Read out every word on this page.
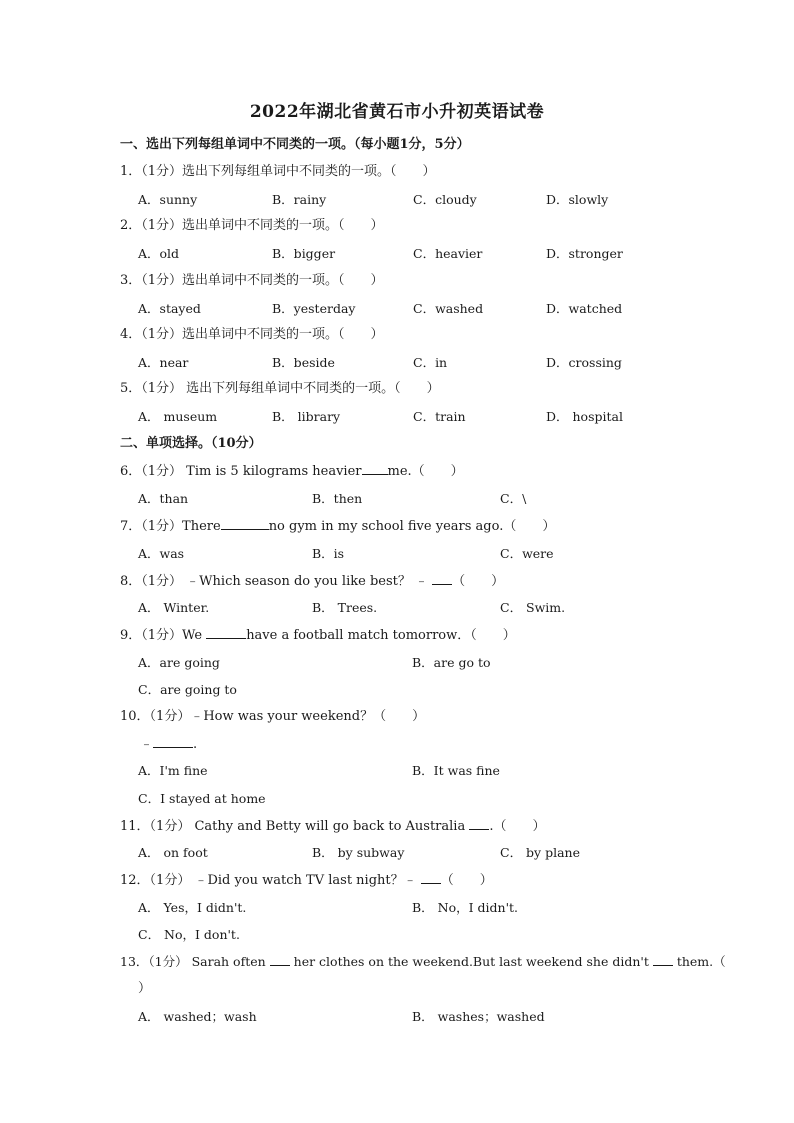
2022年湖北省黄石市小升初英语试卷
一、选出下列每组单词中不同类的一项。（每小题1分，5分）
1．（1分）选出下列每组单词中不同类的一项。（　　）
A．sunny	B．rainy	C．cloudy	D．slowly
2．（1分）选出单词中不同类的一项。（　　）
A．old	B．bigger	C．heavier	D．stronger
3．（1分）选出单词中不同类的一项。（　　）
A．stayed	B．yesterday	C．washed	D．watched
4．（1分）选出单词中不同类的一项。（　　）
A．near	B．beside	C．in	D．crossing
5．（1分） 选出下列每组单词中不同类的一项。（　　）
A． museum	B． library	C．train	D． hospital
二、单项选择。（10分）
6．（1分） Tim is 5 kilograms heavier me.（　　）
A．than	B．then	C．\
7．（1分）There	no gym in my school five years ago.（　　）
A．was	B．is	C．were
8．（1分） ﹣Which season do you like best？ ﹣ （　　）
A． Winter.	B． Trees.	C． Swim.
9．（1分）We	have a football match tomorrow．（　　）
A．are going	B．are go to
C．are going to
10．（1分）﹣How was your weekend？（　　）
﹣	.
A．I'm fine	B．It was fine
C．I stayed at home
11．（1分） Cathy and Betty will go back to Australia .（　　）
A． on foot	B． by subway	C． by plane
12．（1分） ﹣Did you watch TV last night？﹣ （　　）
A． Yes，I didn't.	B． No，I didn't.
C． No，I don't.
13．（1分） Sarah often her clothes on the weekend.But last weekend she didn't them.（
）
A． washed；wash	B． washes；washed
